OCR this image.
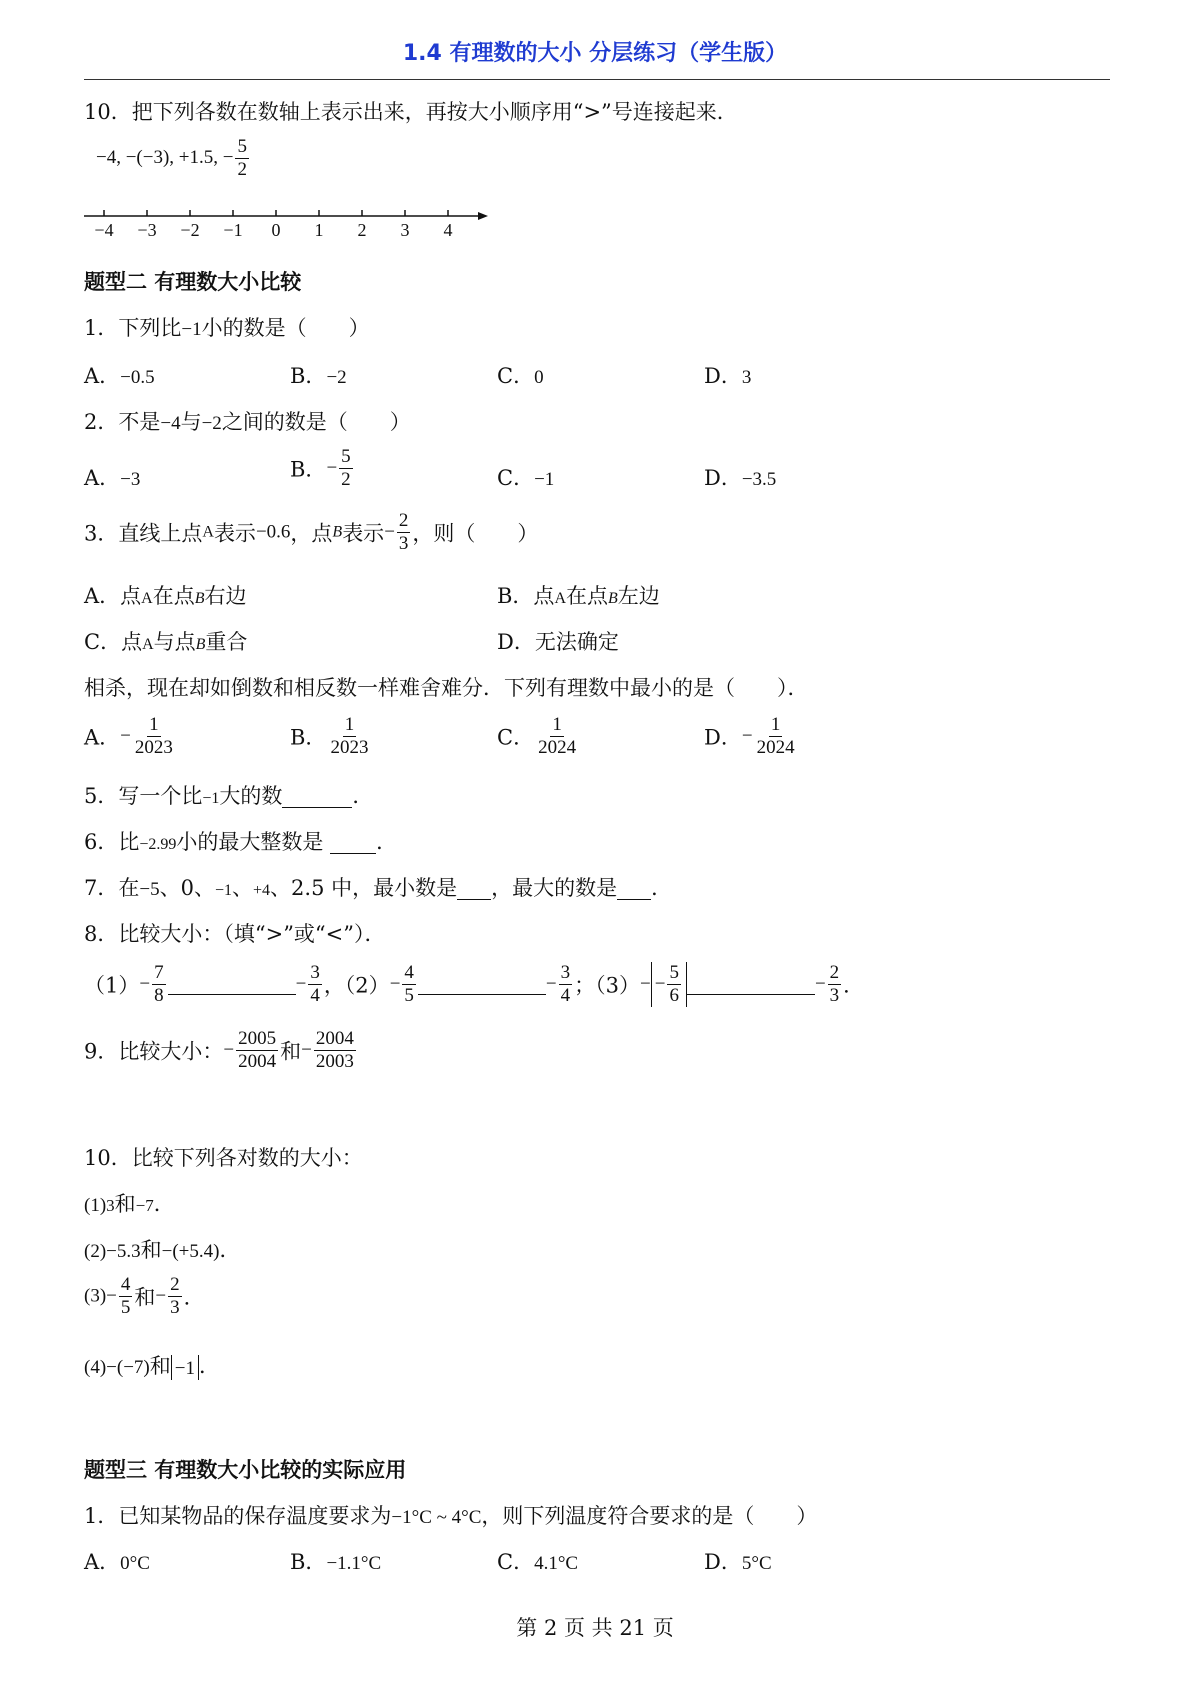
1.4 有理数的大小 分层练习（学生版）
10．把下列各数在数轴上表示出来，再按大小顺序用“>”号连接起来．
−4, −(−3), +1.5, − $\frac{5}{2}$
−4 −3 −2 −1 0 1 2 3 4
题型二 有理数大小比较
1．下列比−1小的数是（　　）
A．−0.5	B．−2	C．0	D．3
2．不是−4与−2之间的数是（　　）
A．−3	B．− $\frac{5}{2}$	C．−1	D．−3.5
3．直线上点A表示−0.6，点B表示− $\frac{2}{3}$ ，则（　　）
A．点A在点B右边	B．点A在点B左边
C．点A与点B重合	D．无法确定
相杀，现在却如倒数和相反数一样难舍难分．下列有理数中最小的是（　　）．
A．− $\frac{1}{2023}$	B． $\frac{1}{2023}$	C． $\frac{1}{2024}$	D．− $\frac{1}{2024}$
5．写一个比−1大的数	．
6．比−2.99小的最大整数是	．
7．在−5、0、−1、+4、2.5 中，最小数是 ，最大的数是 ．
8．比较大小：（填“>”或“<”）．
$(1)- \frac{7}{8}$	− $\frac{3}{4}$ ，$(2)- \frac{4}{5}$	− $\frac{3}{4}$ ；$(3)- - \frac{5}{6}$	− $\frac{2}{3}$ ．
9．比较大小：− $\frac{2005}{2004}$ 和− $\frac{2004}{2003}$
10．比较下列各对数的大小：
(1)3和−7．
(2)−5.3和−(+5.4)．
$(3)- \frac{4}{5}$ 和− $\frac{2}{3}$ ．
(4)−(−7)和 −1 ．
题型三 有理数大小比较的实际应用
1．已知某物品的保存温度要求为−1°C ~ 4°C，则下列温度符合要求的是（　　）
A．0°C	B．−1.1°C	C．4.1°C	D．5°C
第 2 页 共 21 页
